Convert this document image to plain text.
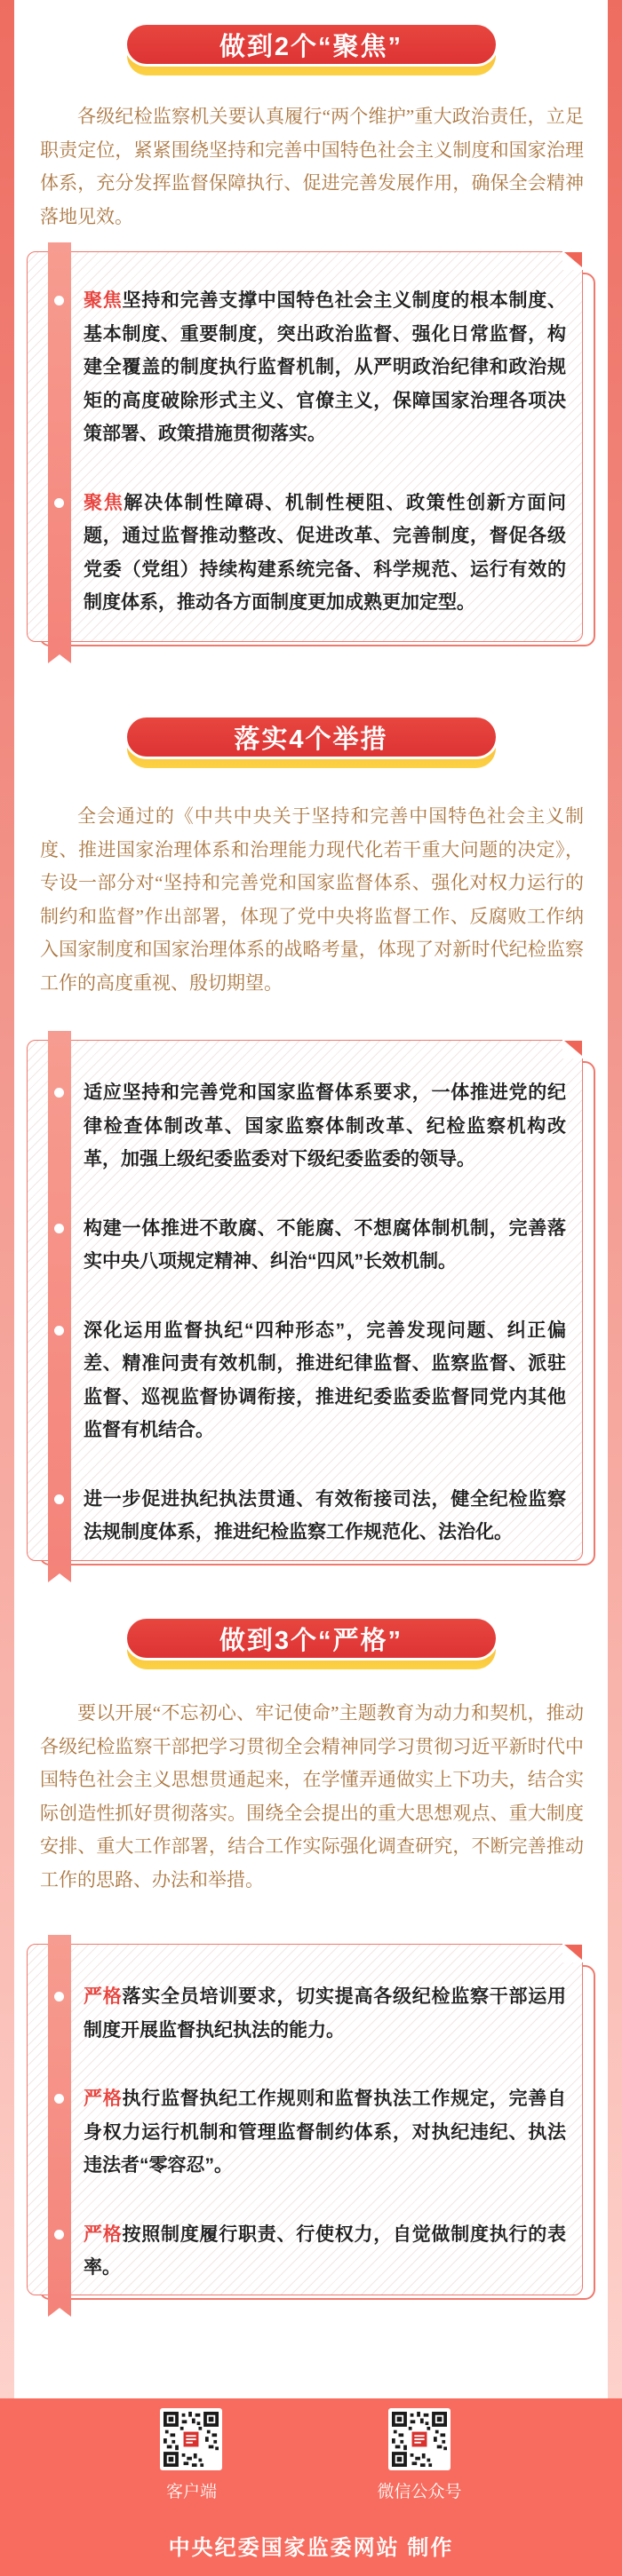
做到2个“聚焦”

各级纪检监察机关要认真履行“两个维护”重大政治责任，立足职责定位，紧紧围绕坚持和完善中国特色社会主义制度和国家治理体系，充分发挥监督保障执行、促进完善发展作用，确保全会精神落地见效。

聚焦坚持和完善支撑中国特色社会主义制度的根本制度、基本制度、重要制度，突出政治监督、强化日常监督，构建全覆盖的制度执行监督机制，从严明政治纪律和政治规矩的高度破除形式主义、官僚主义，保障国家治理各项决策部署、政策措施贯彻落实。
聚焦解决体制性障碍、机制性梗阻、政策性创新方面问题，通过监督推动整改、促进改革、完善制度，督促各级党委（党组）持续构建系统完备、科学规范、运行有效的制度体系，推动各方面制度更加成熟更加定型。
落实4个举措

全会通过的《中共中央关于坚持和完善中国特色社会主义制度、推进国家治理体系和治理能力现代化若干重大问题的决定》，专设一部分对“坚持和完善党和国家监督体系、强化对权力运行的制约和监督”作出部署，体现了党中央将监督工作、反腐败工作纳入国家制度和国家治理体系的战略考量，体现了对新时代纪检监察工作的高度重视、殷切期望。

适应坚持和完善党和国家监督体系要求，一体推进党的纪律检查体制改革、国家监察体制改革、纪检监察机构改革，加强上级纪委监委对下级纪委监委的领导。
构建一体推进不敢腐、不能腐、不想腐体制机制，完善落实中央八项规定精神、纠治“四风”长效机制。
深化运用监督执纪“四种形态”，完善发现问题、纠正偏差、精准问责有效机制，推进纪律监督、监察监督、派驻监督、巡视监督协调衔接，推进纪委监委监督同党内其他监督有机结合。
进一步促进执纪执法贯通、有效衔接司法，健全纪检监察法规制度体系，推进纪检监察工作规范化、法治化。
做到3个“严格”

要以开展“不忘初心、牢记使命”主题教育为动力和契机，推动各级纪检监察干部把学习贯彻全会精神同学习贯彻习近平新时代中国特色社会主义思想贯通起来，在学懂弄通做实上下功夫，结合实际创造性抓好贯彻落实。围绕全会提出的重大思想观点、重大制度安排、重大工作部署，结合工作实际强化调查研究，不断完善推动工作的思路、办法和举措。

严格落实全员培训要求，切实提高各级纪检监察干部运用制度开展监督执纪执法的能力。
严格执行监督执纪工作规则和监督执法工作规定，完善自身权力运行机制和管理监督制约体系，对执纪违纪、执法违法者“零容忍”。
严格按照制度履行职责、行使权力，自觉做制度执行的表率。
客户端	微信公众号
中央纪委国家监委网站 制作
